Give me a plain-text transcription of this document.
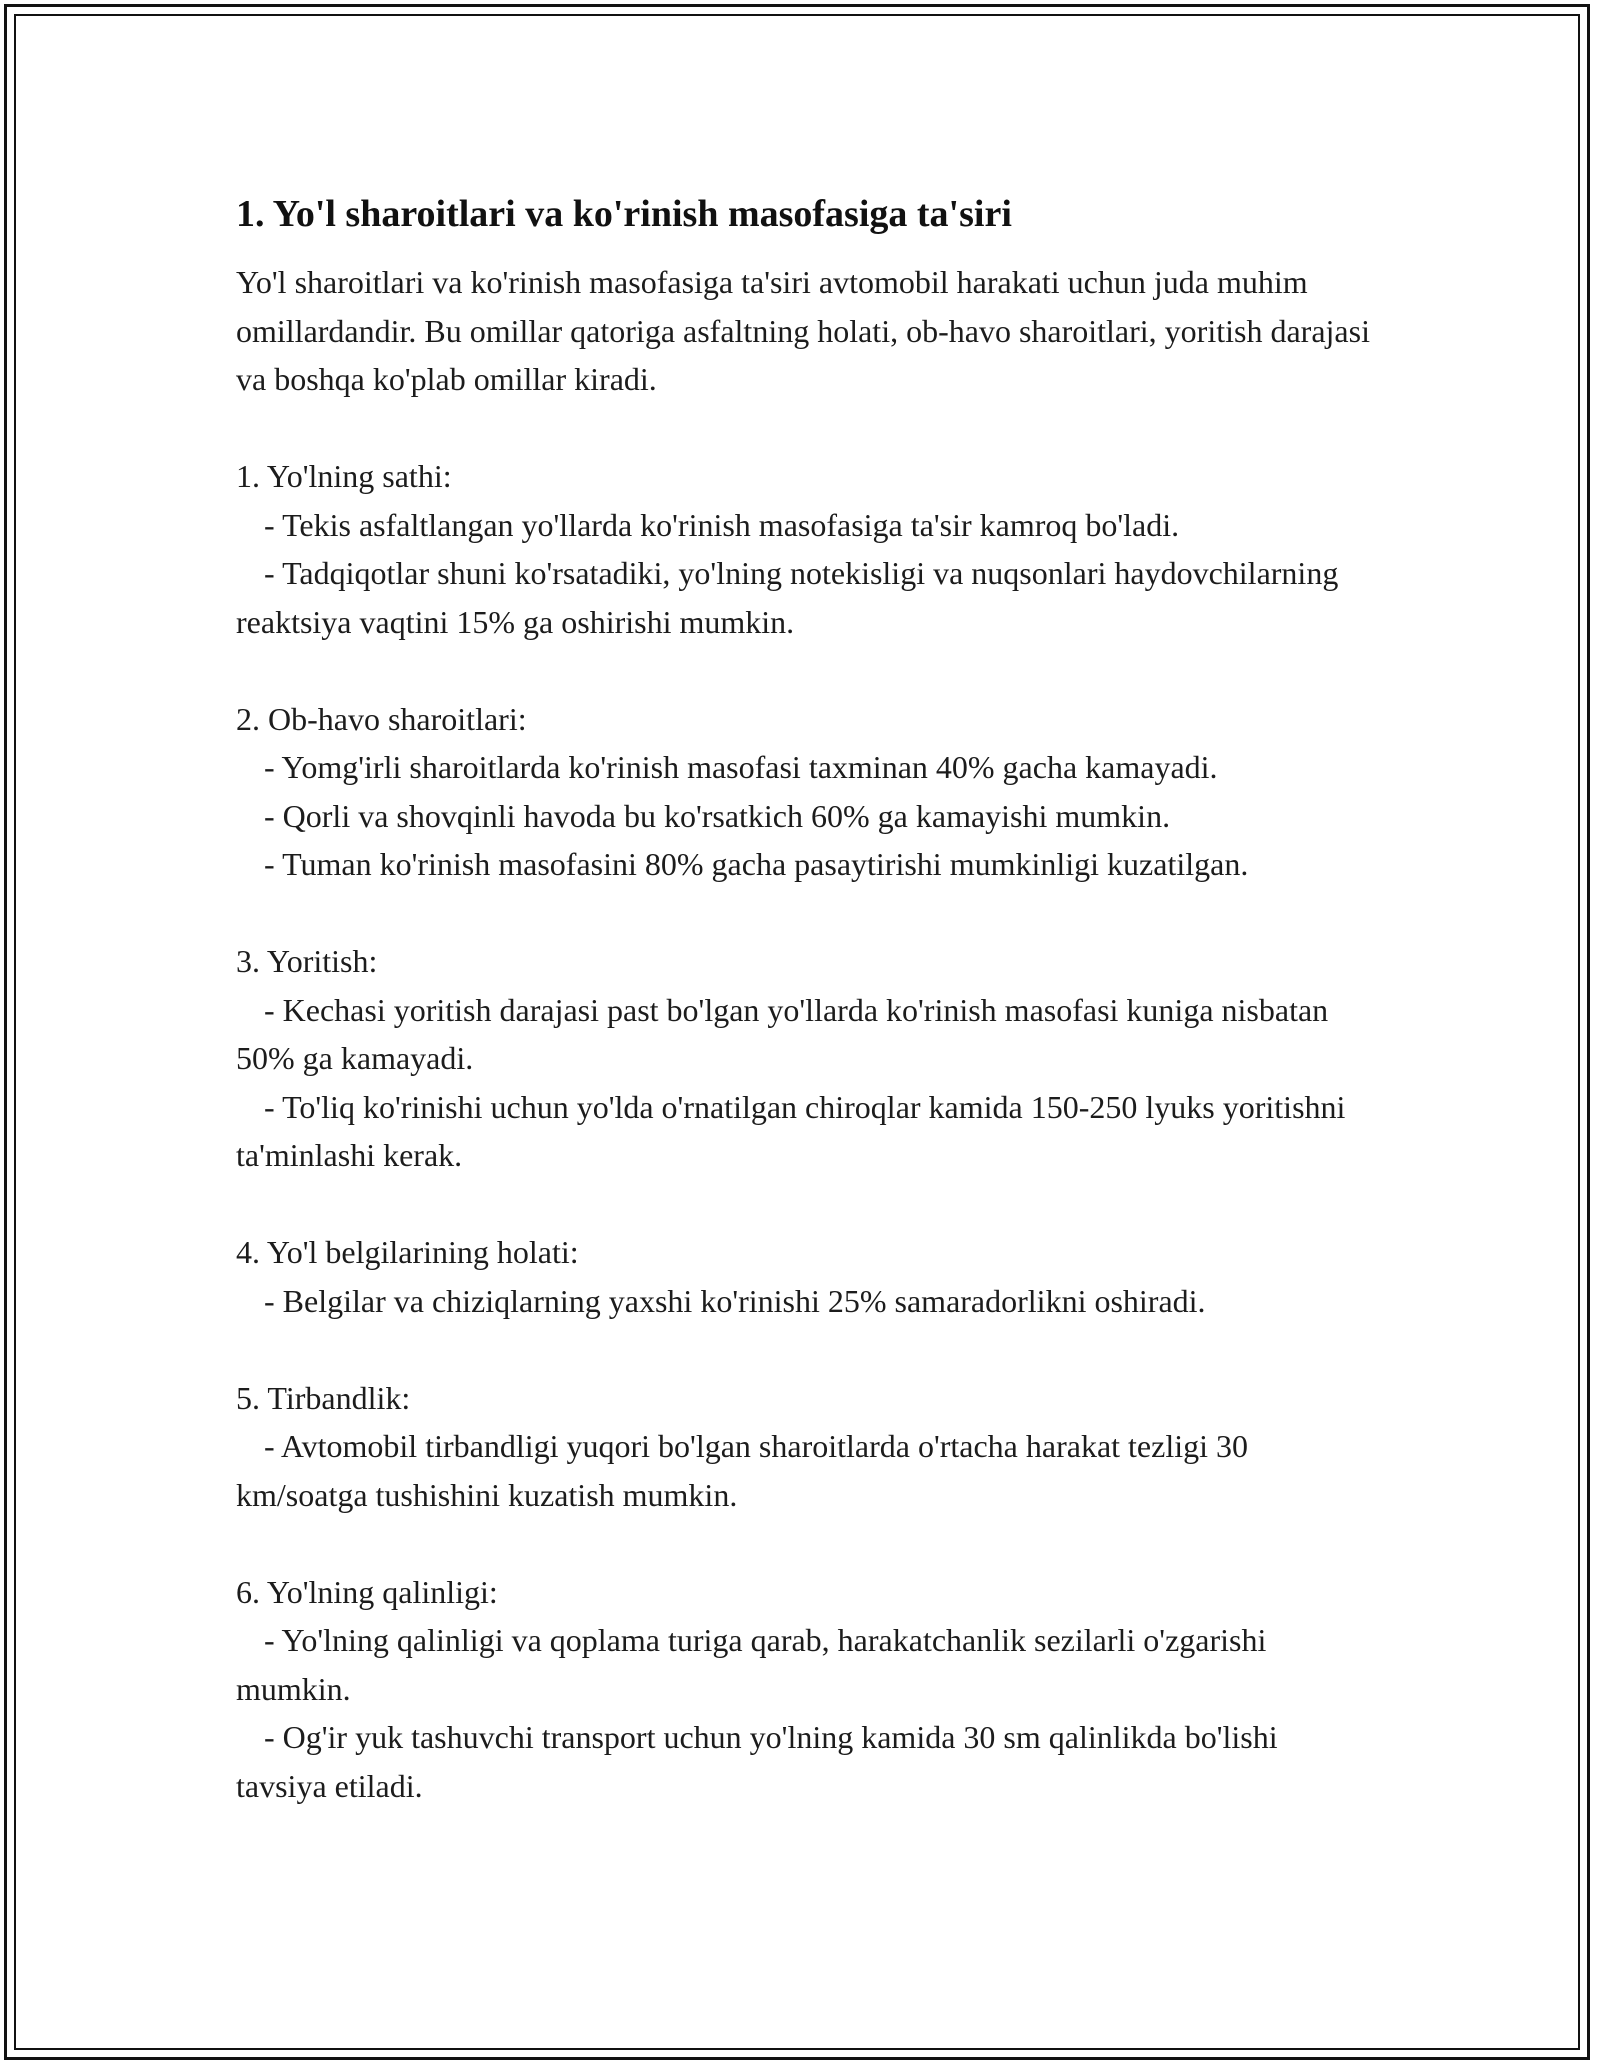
1. Yo'l sharoitlari va ko'rinish masofasiga ta'siri

Yo'l sharoitlari va ko'rinish masofasiga ta'siri avtomobil harakati uchun juda muhim omillardandir. Bu omillar qatoriga asfaltning holati, ob-havo sharoitlari, yoritish darajasi va boshqa ko'plab omillar kiradi.

1. Yo'lning sathi:
- Tekis asfaltlangan yo'llarda ko'rinish masofasiga ta'sir kamroq bo'ladi.
- Tadqiqotlar shuni ko'rsatadiki, yo'lning notekisligi va nuqsonlari haydovchilarning reaktsiya vaqtini 15% ga oshirishi mumkin.
2. Ob-havo sharoitlari:
- Yomg'irli sharoitlarda ko'rinish masofasi taxminan 40% gacha kamayadi.
- Qorli va shovqinli havoda bu ko'rsatkich 60% ga kamayishi mumkin.
- Tuman ko'rinish masofasini 80% gacha pasaytirishi mumkinligi kuzatilgan.
3. Yoritish:
- Kechasi yoritish darajasi past bo'lgan yo'llarda ko'rinish masofasi kuniga nisbatan 50% ga kamayadi.
- To'liq ko'rinishi uchun yo'lda o'rnatilgan chiroqlar kamida 150-250 lyuks yoritishni ta'minlashi kerak.
4. Yo'l belgilarining holati:
- Belgilar va chiziqlarning yaxshi ko'rinishi 25% samaradorlikni oshiradi.
5. Tirbandlik:
- Avtomobil tirbandligi yuqori bo'lgan sharoitlarda o'rtacha harakat tezligi 30 km/soatga tushishini kuzatish mumkin.
6. Yo'lning qalinligi:
- Yo'lning qalinligi va qoplama turiga qarab, harakatchanlik sezilarli o'zgarishi mumkin.
- Og'ir yuk tashuvchi transport uchun yo'lning kamida 30 sm qalinlikda bo'lishi tavsiya etiladi.
